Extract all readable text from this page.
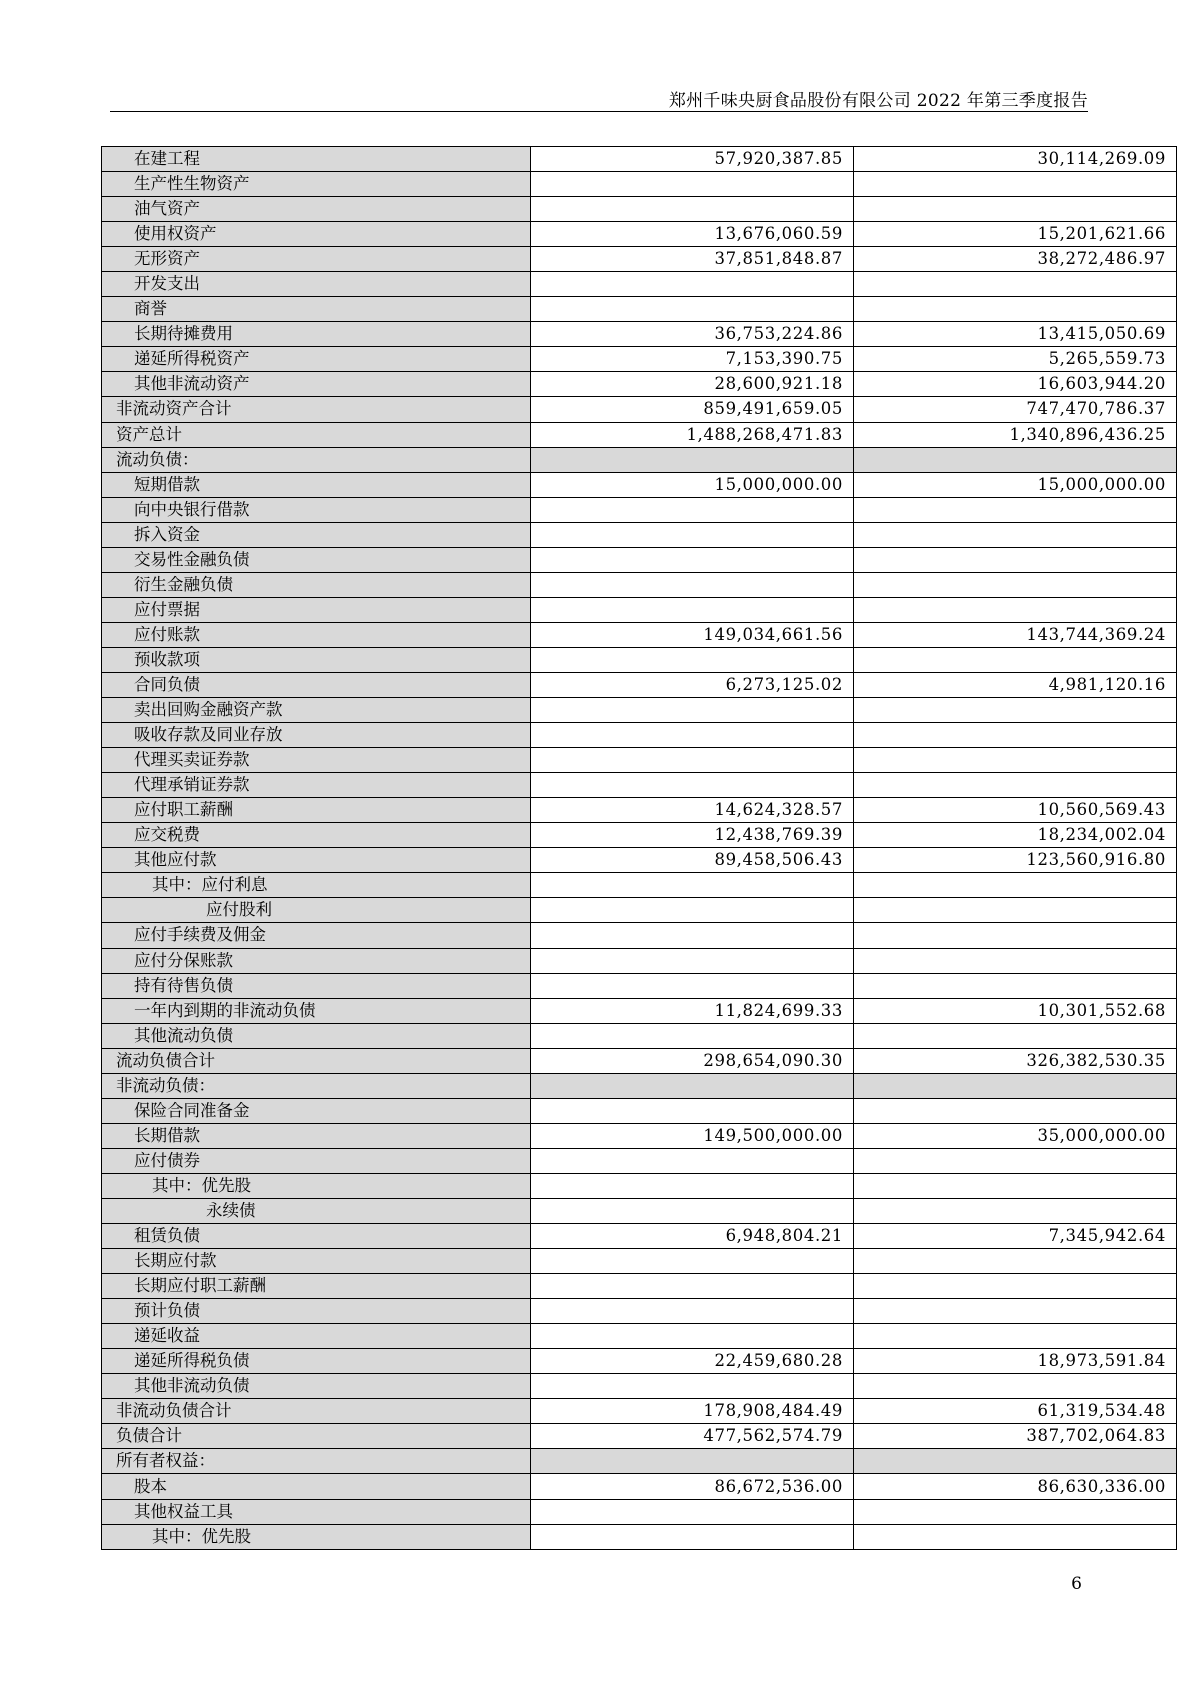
郑州千味央厨食品股份有限公司 2022 年第三季度报告
在建工程	57,920,387.85	30,114,269.09
生产性生物资产		
油气资产		
使用权资产	13,676,060.59	15,201,621.66
无形资产	37,851,848.87	38,272,486.97
开发支出		
商誉		
长期待摊费用	36,753,224.86	13,415,050.69
递延所得税资产	7,153,390.75	5,265,559.73
其他非流动资产	28,600,921.18	16,603,944.20
非流动资产合计	859,491,659.05	747,470,786.37
资产总计	1,488,268,471.83	1,340,896,436.25
流动负债：		
短期借款	15,000,000.00	15,000,000.00
向中央银行借款		
拆入资金		
交易性金融负债		
衍生金融负债		
应付票据		
应付账款	149,034,661.56	143,744,369.24
预收款项		
合同负债	6,273,125.02	4,981,120.16
卖出回购金融资产款		
吸收存款及同业存放		
代理买卖证券款		
代理承销证券款		
应付职工薪酬	14,624,328.57	10,560,569.43
应交税费	12,438,769.39	18,234,002.04
其他应付款	89,458,506.43	123,560,916.80
其中：应付利息		
应付股利		
应付手续费及佣金		
应付分保账款		
持有待售负债		
一年内到期的非流动负债	11,824,699.33	10,301,552.68
其他流动负债		
流动负债合计	298,654,090.30	326,382,530.35
非流动负债：		
保险合同准备金		
长期借款	149,500,000.00	35,000,000.00
应付债券		
其中：优先股		
永续债		
租赁负债	6,948,804.21	7,345,942.64
长期应付款		
长期应付职工薪酬		
预计负债		
递延收益		
递延所得税负债	22,459,680.28	18,973,591.84
其他非流动负债		
非流动负债合计	178,908,484.49	61,319,534.48
负债合计	477,562,574.79	387,702,064.83
所有者权益：		
股本	86,672,536.00	86,630,336.00
其他权益工具		
其中：优先股		
6
